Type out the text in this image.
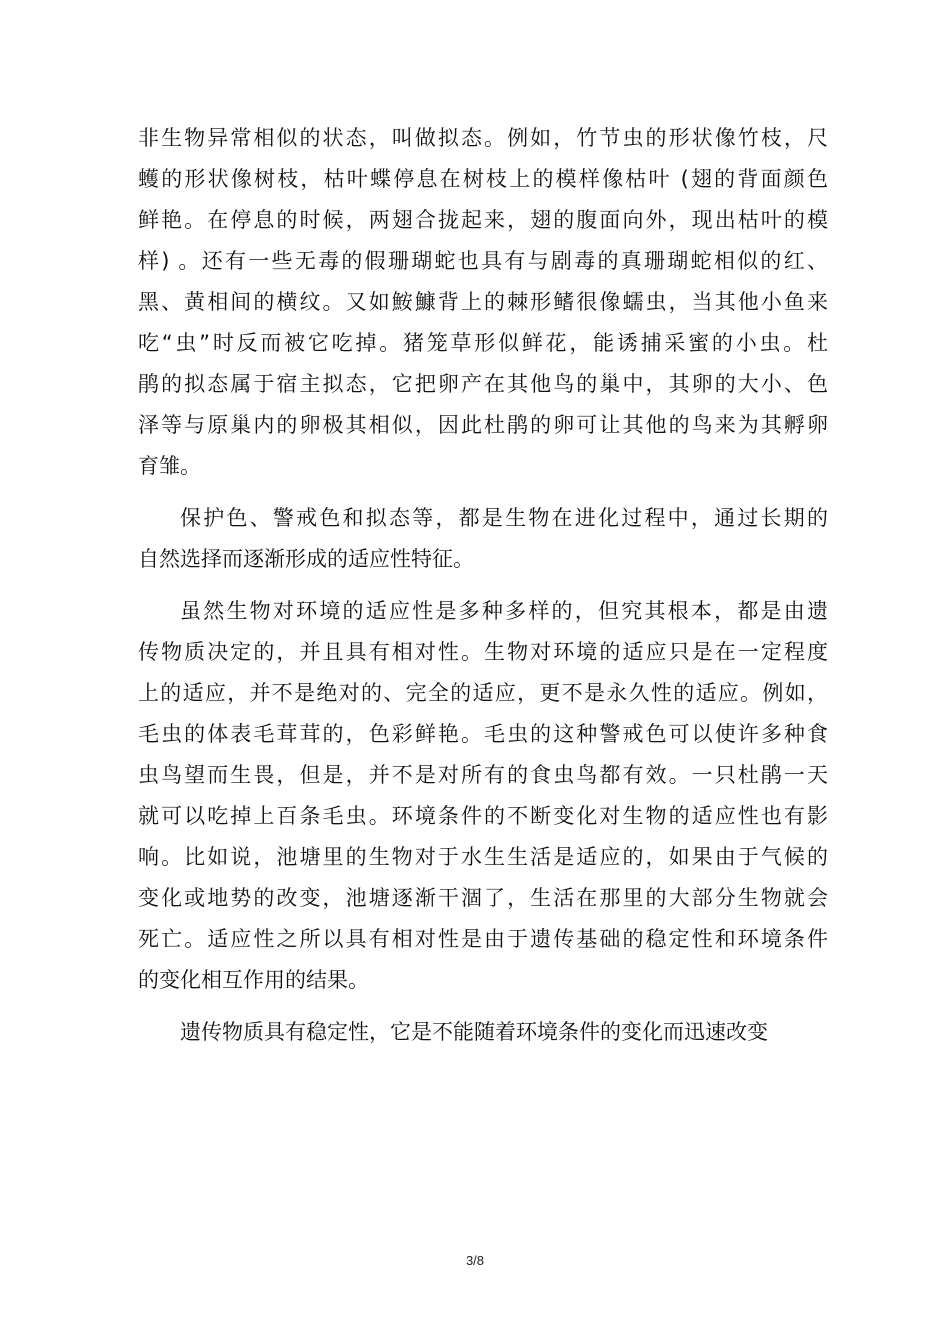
非生物异常相似的状态，叫做拟态。例如，竹节虫的形状像竹枝，尺
蠖的形状像树枝，枯叶蝶停息在树枝上的模样像枯叶 (翅的背面颜色
鲜艳。在停息的时候，两翅合拢起来，翅的腹面向外，现出枯叶的模
样) 。还有一些无毒的假珊瑚蛇也具有与剧毒的真珊瑚蛇相似的红、
黑、黄相间的横纹。又如鮟鱇背上的棘形鳍很像蠕虫，当其他小鱼来
吃“虫”时反而被它吃掉。猪笼草形似鲜花，能诱捕采蜜的小虫。杜
鹃的拟态属于宿主拟态，它把卵产在其他鸟的巢中，其卵的大小、色
泽等与原巢内的卵极其相似，因此杜鹃的卵可让其他的鸟来为其孵卵
育雏。
保护色、警戒色和拟态等，都是生物在进化过程中，通过长期的
自然选择而逐渐形成的适应性特征。
虽然生物对环境的适应性是多种多样的，但究其根本，都是由遗
传物质决定的，并且具有相对性。生物对环境的适应只是在一定程度
上的适应，并不是绝对的、完全的适应，更不是永久性的适应。例如，
毛虫的体表毛茸茸的，色彩鲜艳。毛虫的这种警戒色可以使许多种食
虫鸟望而生畏，但是，并不是对所有的食虫鸟都有效。一只杜鹃一天
就可以吃掉上百条毛虫。环境条件的不断变化对生物的适应性也有影
响。比如说，池塘里的生物对于水生生活是适应的，如果由于气候的
变化或地势的改变，池塘逐渐干涸了，生活在那里的大部分生物就会
死亡。适应性之所以具有相对性是由于遗传基础的稳定性和环境条件
的变化相互作用的结果。
遗传物质具有稳定性，它是不能随着环境条件的变化而迅速改变
3/8
